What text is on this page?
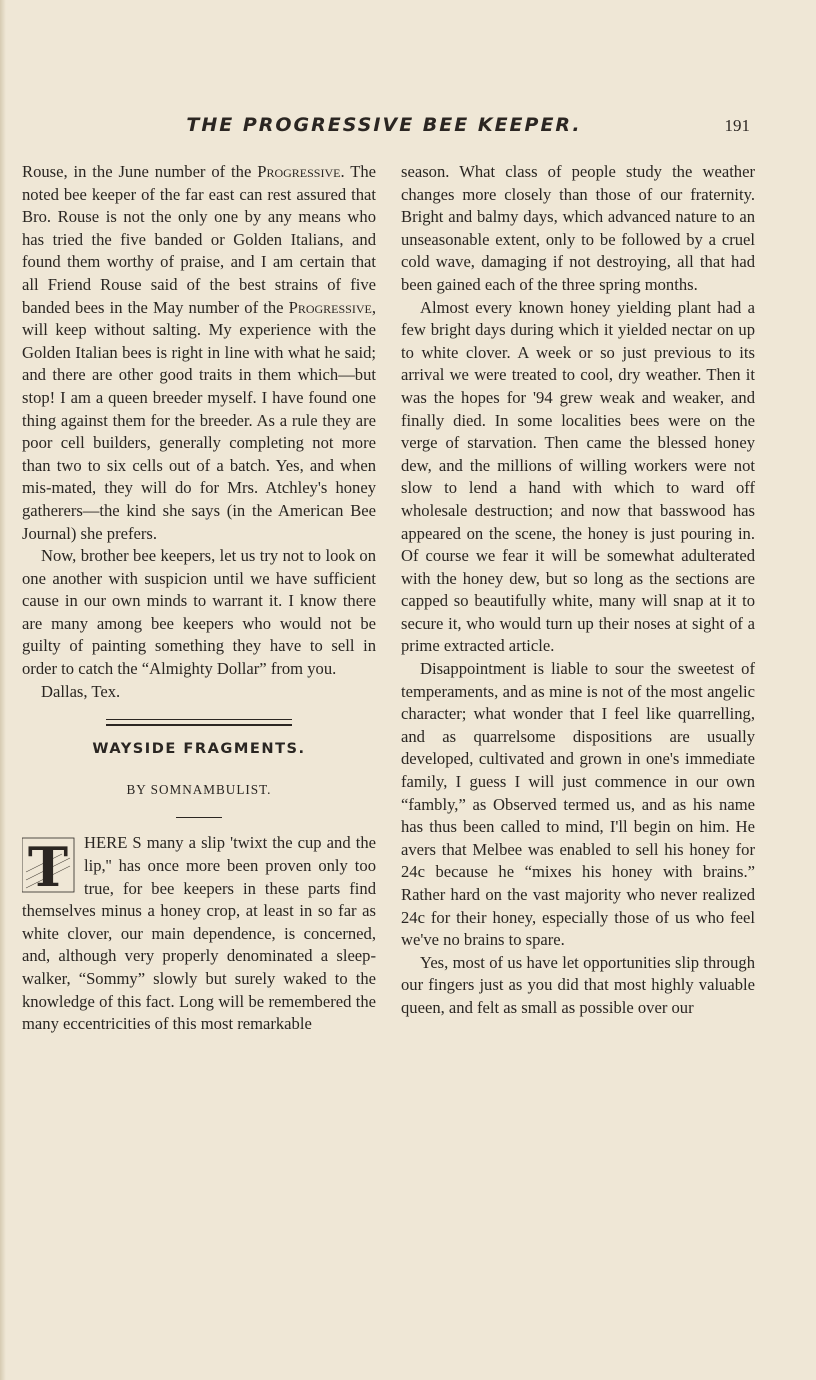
THE PROGRESSIVE BEE KEEPER.	191

Rouse, in the June number of the Progressive. The noted bee keeper of the far east can rest assured that Bro. Rouse is not the only one by any means who has tried the five banded or Golden Italians, and found them worthy of praise, and I am certain that all Friend Rouse said of the best strains of five banded bees in the May number of the Progressive, will keep without salting. My experience with the Golden Italian bees is right in line with what he said; and there are other good traits in them which—but stop! I am a queen breeder myself. I have found one thing against them for the breeder. As a rule they are poor cell builders, generally completing not more than two to six cells out of a batch. Yes, and when mis-mated, they will do for Mrs. Atchley's honey gatherers—the kind she says (in the American Bee Journal) she prefers.

Now, brother bee keepers, let us try not to look on one another with suspicion until we have sufficient cause in our own minds to warrant it. I know there are many among bee keepers who would not be guilty of painting something they have to sell in order to catch the “Almighty Dollar” from you.

Dallas, Tex.

WAYSIDE FRAGMENTS.
BY SOMNAMBULIST.

T HERE S many a slip 'twixt the cup and the lip,'' has once more been proven only too true, for bee keepers in these parts find themselves minus a honey crop, at least in so far as white clover, our main dependence, is concerned, and, although very properly denominated a sleep-walker, “Sommy” slowly but surely waked to the knowledge of this fact. Long will be remembered the many eccentricities of this most remarkable

season. What class of people study the weather changes more closely than those of our fraternity. Bright and balmy days, which advanced nature to an unseasonable extent, only to be followed by a cruel cold wave, damaging if not destroying, all that had been gained each of the three spring months.

Almost every known honey yielding plant had a few bright days during which it yielded nectar on up to white clover. A week or so just previous to its arrival we were treated to cool, dry weather. Then it was the hopes for '94 grew weak and weaker, and finally died. In some localities bees were on the verge of starvation. Then came the blessed honey dew, and the millions of willing workers were not slow to lend a hand with which to ward off wholesale destruction; and now that basswood has appeared on the scene, the honey is just pouring in. Of course we fear it will be somewhat adulterated with the honey dew, but so long as the sections are capped so beautifully white, many will snap at it to secure it, who would turn up their noses at sight of a prime extracted article.

Disappointment is liable to sour the sweetest of temperaments, and as mine is not of the most angelic character; what wonder that I feel like quarrelling, and as quarrelsome dispositions are usually developed, cultivated and grown in one's immediate family, I guess I will just commence in our own “fambly,” as Observed termed us, and as his name has thus been called to mind, I'll begin on him. He avers that Melbee was enabled to sell his honey for 24c because he “mixes his honey with brains.” Rather hard on the vast majority who never realized 24c for their honey, especially those of us who feel we've no brains to spare.

Yes, most of us have let opportunities slip through our fingers just as you did that most highly valuable queen, and felt as small as possible over our
